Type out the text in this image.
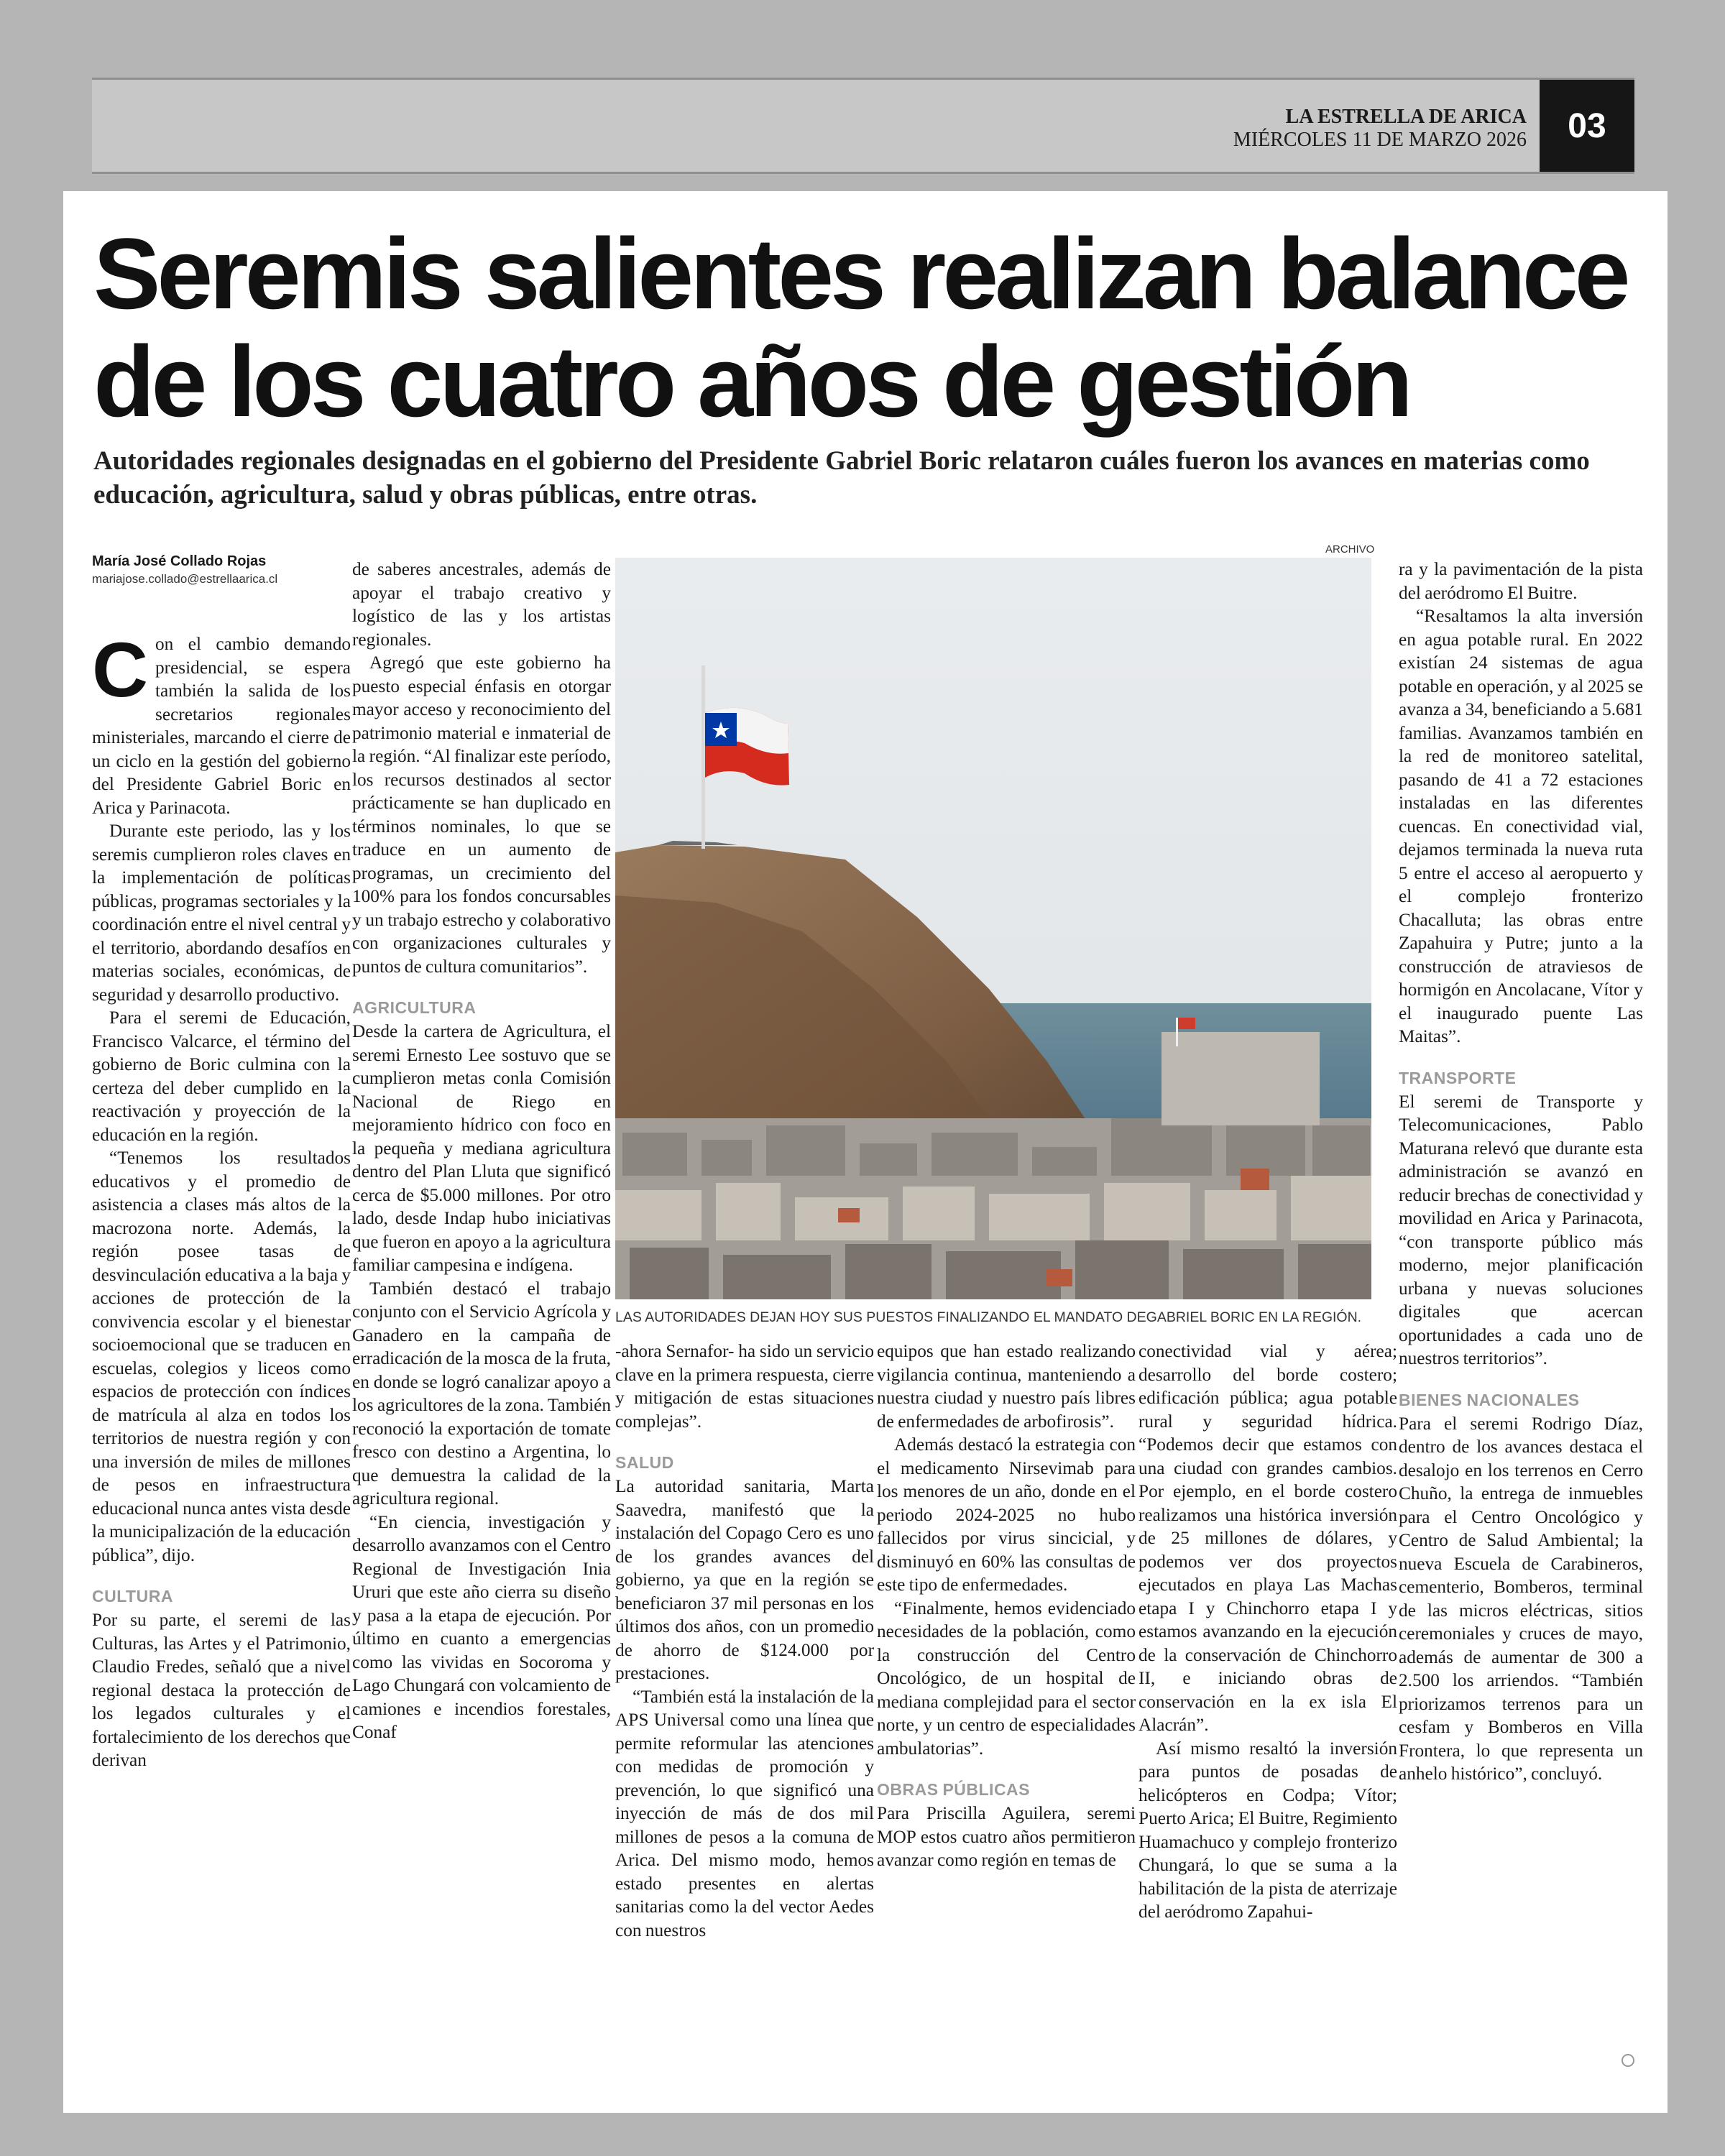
LA ESTRELLA DE ARICA
MIÉRCOLES 11 DE MARZO 2026	03
Seremis salientes realizan balance
de los cuatro años de gestión
Autoridades regionales designadas en el gobierno del Presidente Gabriel Boric relataron cuáles fueron los avances en materias como educación, agricultura, salud y obras públicas, entre otras.
María José Collado Rojas
mariajose.collado@estrellaarica.cl

Con el cambio demando presidencial, se espera también la salida de los secretarios regionales ministeriales, marcando el cierre de un ciclo en la gestión del gobierno del Presidente Gabriel Boric en Arica y Parinacota.

Durante este periodo, las y los seremis cumplieron roles claves en la implementación de políticas públicas, programas sectoriales y la coordinación entre el nivel central y el territorio, abordando desafíos en materias sociales, económicas, de seguridad y desarrollo productivo.

Para el seremi de Educación, Francisco Valcarce, el término del gobierno de Boric culmina con la certeza del deber cumplido en la reactivación y proyección de la educación en la región.

“Tenemos los resultados educativos y el promedio de asistencia a clases más altos de la macrozona norte. Además, la región posee tasas de desvinculación educativa a la baja y acciones de protección de la convivencia escolar y el bienestar socioemocional que se traducen en escuelas, colegios y liceos como espacios de protección con índices de matrícula al alza en todos los territorios de nuestra región y con una inversión de miles de millones de pesos en infraestructura educacional nunca antes vista desde la municipalización de la educación pública”, dijo.

CULTURA

Por su parte, el seremi de las Culturas, las Artes y el Patrimonio, Claudio Fredes, señaló que a nivel regional destaca la protección de los legados culturales y el fortalecimiento de los derechos que derivan

de saberes ancestrales, además de apoyar el trabajo creativo y logístico de las y los artistas regionales.

Agregó que este gobierno ha puesto especial énfasis en otorgar mayor acceso y reconocimiento del patrimonio material e inmaterial de la región. “Al finalizar este período, los recursos destinados al sector prácticamente se han duplicado en términos nominales, lo que se traduce en un aumento de programas, un crecimiento del 100% para los fondos concursables y un trabajo estrecho y colaborativo con organizaciones culturales y puntos de cultura comunitarios”.

AGRICULTURA

Desde la cartera de Agricultura, el seremi Ernesto Lee sostuvo que se cumplieron metas conla Comisión Nacional de Riego en mejoramiento hídrico con foco en la pequeña y mediana agricultura dentro del Plan Lluta que significó cerca de $5.000 millones. Por otro lado, desde Indap hubo iniciativas que fueron en apoyo a la agricultura familiar campesina e indígena.

También destacó el trabajo conjunto con el Servicio Agrícola y Ganadero en la campaña de erradicación de la mosca de la fruta, en donde se logró canalizar apoyo a los agricultores de la zona. También reconoció la exportación de tomate fresco con destino a Argentina, lo que demuestra la calidad de la agricultura regional.

“En ciencia, investigación y desarrollo avanzamos con el Centro Regional de Investigación Inia Ururi que este año cierra su diseño y pasa a la etapa de ejecución. Por último en cuanto a emergencias como las vividas en Socoroma y Lago Chungará con volcamiento de camiones e incendios forestales, Conaf

ARCHIVO
LAS AUTORIDADES DEJAN HOY SUS PUESTOS FINALIZANDO EL MANDATO DEGABRIEL BORIC EN LA REGIÓN.

-ahora Sernafor- ha sido un servicio clave en la primera respuesta, cierre y mitigación de estas situaciones complejas”.

SALUD

La autoridad sanitaria, Marta Saavedra, manifestó que la instalación del Copago Cero es uno de los grandes avances del gobierno, ya que en la región se beneficiaron 37 mil personas en los últimos dos años, con un promedio de ahorro de $124.000 por prestaciones.

“También está la instalación de la APS Universal como una línea que permite reformular las atenciones con medidas de promoción y prevención, lo que significó una inyección de más de dos mil millones de pesos a la comuna de Arica. Del mismo modo, hemos estado presentes en alertas sanitarias como la del vector Aedes con nuestros

equipos que han estado realizando vigilancia continua, manteniendo a nuestra ciudad y nuestro país libres de enfermedades de arbofirosis”.

Además destacó la estrategia con el medicamento Nirsevimab para los menores de un año, donde en el periodo 2024-2025 no hubo fallecidos por virus sincicial, y disminuyó en 60% las consultas de este tipo de enfermedades.

“Finalmente, hemos evidenciado necesidades de la población, como la construcción del Centro Oncológico, de un hospital de mediana complejidad para el sector norte, y un centro de especialidades ambulatorias”.

OBRAS PÚBLICAS

Para Priscilla Aguilera, seremi MOP estos cuatro años permitieron avanzar como región en temas de

conectividad vial y aérea; desarrollo del borde costero; edificación pública; agua potable rural y seguridad hídrica. “Podemos decir que estamos con una ciudad con grandes cambios. Por ejemplo, en el borde costero realizamos una histórica inversión de 25 millones de dólares, y podemos ver dos proyectos ejecutados en playa Las Machas etapa I y Chinchorro etapa I y estamos avanzando en la ejecución de la conservación de Chinchorro II, e iniciando obras de conservación en la ex isla El Alacrán”.

Así mismo resaltó la inversión para puntos de posadas de helicópteros en Codpa; Vítor; Puerto Arica; El Buitre, Regimiento Huamachuco y complejo fronterizo Chungará, lo que se suma a la habilitación de la pista de aterrizaje del aeródromo Zapahui-

ra y la pavimentación de la pista del aeródromo El Buitre.

“Resaltamos la alta inversión en agua potable rural. En 2022 existían 24 sistemas de agua potable en operación, y al 2025 se avanza a 34, beneficiando a 5.681 familias. Avanzamos también en la red de monitoreo satelital, pasando de 41 a 72 estaciones instaladas en las diferentes cuencas. En conectividad vial, dejamos terminada la nueva ruta 5 entre el acceso al aeropuerto y el complejo fronterizo Chacalluta; las obras entre Zapahuira y Putre; junto a la construcción de atraviesos de hormigón en Ancolacane, Vítor y el inaugurado puente Las Maitas”.

TRANSPORTE

El seremi de Transporte y Telecomunicaciones, Pablo Maturana relevó que durante esta administración se avanzó en reducir brechas de conectividad y movilidad en Arica y Parinacota, “con transporte público más moderno, mejor planificación urbana y nuevas soluciones digitales que acercan oportunidades a cada uno de nuestros territorios”.

BIENES NACIONALES

Para el seremi Rodrigo Díaz, dentro de los avances destaca el desalojo en los terrenos en Cerro Chuño, la entrega de inmuebles para el Centro Oncológico y Centro de Salud Ambiental; la nueva Escuela de Carabineros, cementerio, Bomberos, terminal de las micros eléctricas, sitios ceremoniales y cruces de mayo, además de aumentar de 300 a 2.500 los arriendos. “También priorizamos terrenos para un cesfam y Bomberos en Villa Frontera, lo que representa un anhelo histórico”, concluyó.
